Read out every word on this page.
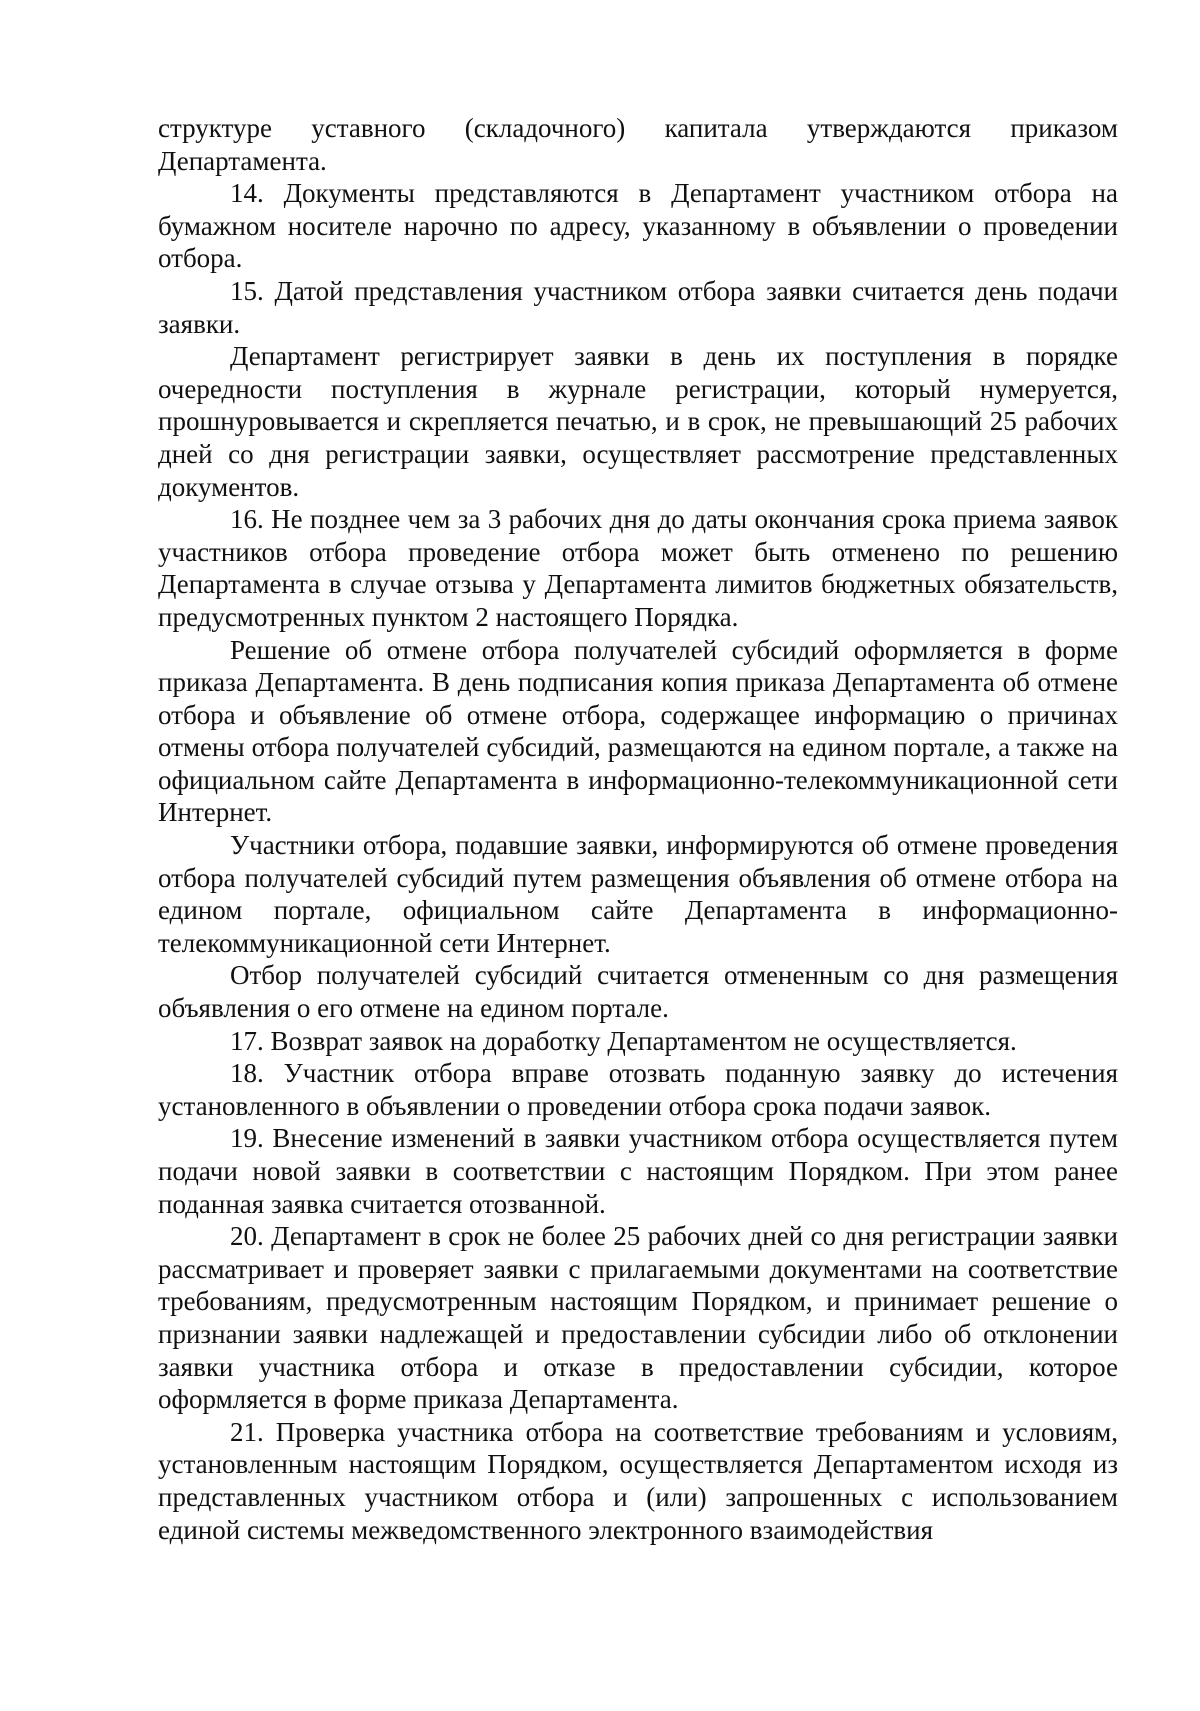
структуре уставного (складочного) капитала утверждаются приказом Департамента.

14. Документы представляются в Департамент участником отбора на бумажном носителе нарочно по адресу, указанному в объявлении о проведении отбора.

15. Датой представления участником отбора заявки считается день подачи заявки.

Департамент регистрирует заявки в день их поступления в порядке очередности поступления в журнале регистрации, который нумеруется, прошнуровывается и скрепляется печатью, и в срок, не превышающий 25 рабочих дней со дня регистрации заявки, осуществляет рассмотрение представленных документов.

16. Не позднее чем за 3 рабочих дня до даты окончания срока приема заявок участников отбора проведение отбора может быть отменено по решению Департамента в случае отзыва у Департамента лимитов бюджетных обязательств, предусмотренных пунктом 2 настоящего Порядка.

Решение об отмене отбора получателей субсидий оформляется в форме приказа Департамента. В день подписания копия приказа Департамента об отмене отбора и объявление об отмене отбора, содержащее информацию о причинах отмены отбора получателей субсидий, размещаются на едином портале, а также на официальном сайте Департамента в информационно-телекоммуникационной сети Интернет.

Участники отбора, подавшие заявки, информируются об отмене проведения отбора получателей субсидий путем размещения объявления об отмене отбора на едином портале, официальном сайте Департамента в информационно-телекоммуникационной сети Интернет.

Отбор получателей субсидий считается отмененным со дня размещения объявления о его отмене на едином портале.

17. Возврат заявок на доработку Департаментом не осуществляется.

18. Участник отбора вправе отозвать поданную заявку до истечения установленного в объявлении о проведении отбора срока подачи заявок.

19. Внесение изменений в заявки участником отбора осуществляется путем подачи новой заявки в соответствии с настоящим Порядком. При этом ранее поданная заявка считается отозванной.

20. Департамент в срок не более 25 рабочих дней со дня регистрации заявки рассматривает и проверяет заявки с прилагаемыми документами на соответствие требованиям, предусмотренным настоящим Порядком, и принимает решение о признании заявки надлежащей и предоставлении субсидии либо об отклонении заявки участника отбора и отказе в предоставлении субсидии, которое оформляется в форме приказа Департамента.

21. Проверка участника отбора на соответствие требованиям и условиям, установленным настоящим Порядком, осуществляется Департаментом исходя из представленных участником отбора и (или) запрошенных с использованием единой системы межведомственного электронного взаимодействия
